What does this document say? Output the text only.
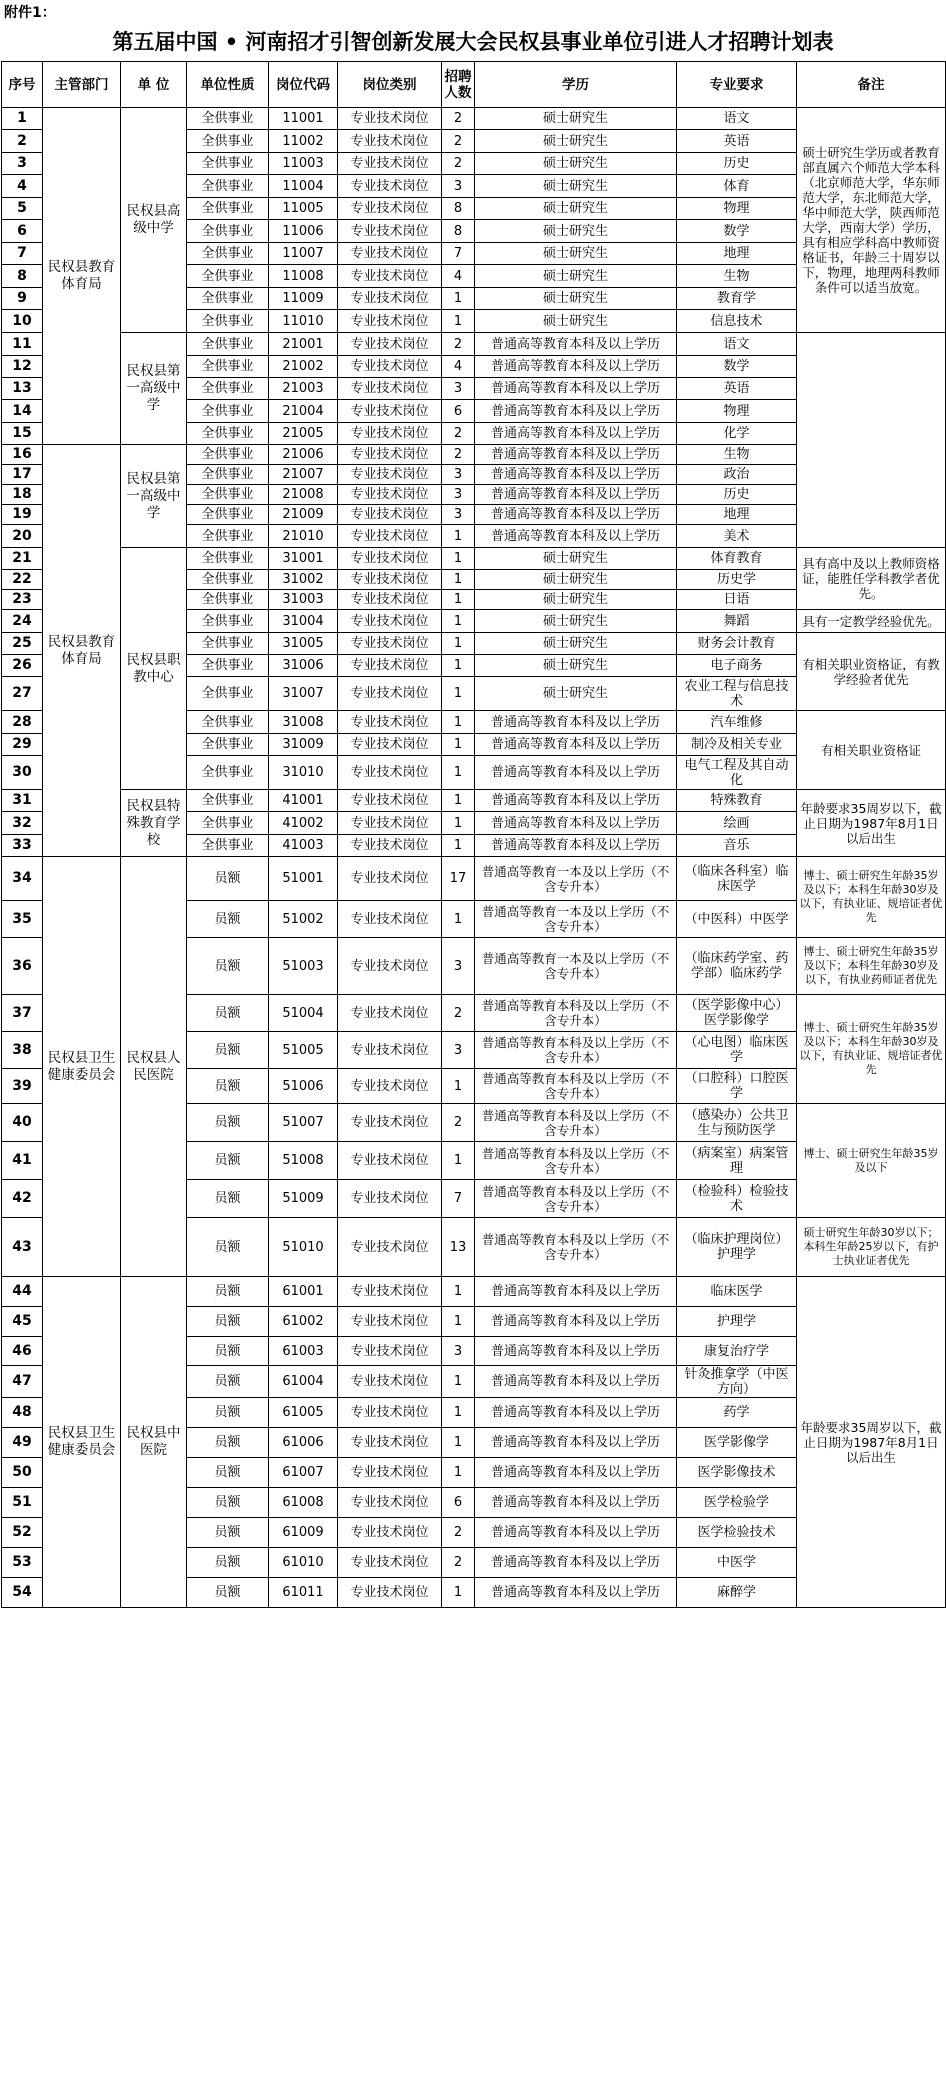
附件1：
第五届中国 • 河南招才引智创新发展大会民权县事业单位引进人才招聘计划表
序号	主管部门	单 位	单位性质	岗位代码	岗位类别	招聘人数	学历	专业要求	备注
1	民权县教育体育局	民权县高级中学	全供事业	11001	专业技术岗位	2	硕士研究生	语文	硕士研究生学历或者教育部直属六个师范大学本科（北京师范大学，华东师范大学，东北师范大学，华中师范大学，陕西师范大学，西南大学）学历，具有相应学科高中教师资格证书，年龄三十周岁以下，物理，地理两科教师条件可以适当放宽。
2			全供事业	11002	专业技术岗位	2	硕士研究生	英语	
3			全供事业	11003	专业技术岗位	2	硕士研究生	历史	
4			全供事业	11004	专业技术岗位	3	硕士研究生	体育	
5			全供事业	11005	专业技术岗位	8	硕士研究生	物理	
6			全供事业	11006	专业技术岗位	8	硕士研究生	数学	
7			全供事业	11007	专业技术岗位	7	硕士研究生	地理	
8			全供事业	11008	专业技术岗位	4	硕士研究生	生物	
9			全供事业	11009	专业技术岗位	1	硕士研究生	教育学	
10			全供事业	11010	专业技术岗位	1	硕士研究生	信息技术	
11		民权县第一高级中学	全供事业	21001	专业技术岗位	2	普通高等教育本科及以上学历	语文	
12			全供事业	21002	专业技术岗位	4	普通高等教育本科及以上学历	数学	
13			全供事业	21003	专业技术岗位	3	普通高等教育本科及以上学历	英语	
14			全供事业	21004	专业技术岗位	6	普通高等教育本科及以上学历	物理	
15			全供事业	21005	专业技术岗位	2	普通高等教育本科及以上学历	化学	
16	民权县教育体育局	民权县第一高级中学	全供事业	21006	专业技术岗位	2	普通高等教育本科及以上学历	生物	
17			全供事业	21007	专业技术岗位	3	普通高等教育本科及以上学历	政治	
18			全供事业	21008	专业技术岗位	3	普通高等教育本科及以上学历	历史	
19			全供事业	21009	专业技术岗位	3	普通高等教育本科及以上学历	地理	
20			全供事业	21010	专业技术岗位	1	普通高等教育本科及以上学历	美术	
21		民权县职教中心	全供事业	31001	专业技术岗位	1	硕士研究生	体育教育	具有高中及以上教师资格证，能胜任学科教学者优先。
22			全供事业	31002	专业技术岗位	1	硕士研究生	历史学	
23			全供事业	31003	专业技术岗位	1	硕士研究生	日语	
24			全供事业	31004	专业技术岗位	1	硕士研究生	舞蹈	具有一定教学经验优先。
25			全供事业	31005	专业技术岗位	1	硕士研究生	财务会计教育	有相关职业资格证，有教学经验者优先
26			全供事业	31006	专业技术岗位	1	硕士研究生	电子商务	
27			全供事业	31007	专业技术岗位	1	硕士研究生	农业工程与信息技术	
28			全供事业	31008	专业技术岗位	1	普通高等教育本科及以上学历	汽车维修	有相关职业资格证
29			全供事业	31009	专业技术岗位	1	普通高等教育本科及以上学历	制冷及相关专业	
30			全供事业	31010	专业技术岗位	1	普通高等教育本科及以上学历	电气工程及其自动化	
31		民权县特殊教育学校	全供事业	41001	专业技术岗位	1	普通高等教育本科及以上学历	特殊教育	年龄要求35周岁以下，截止日期为1987年8月1日以后出生
32			全供事业	41002	专业技术岗位	1	普通高等教育本科及以上学历	绘画	
33			全供事业	41003	专业技术岗位	1	普通高等教育本科及以上学历	音乐	
34	民权县卫生健康委员会	民权县人民医院	员额	51001	专业技术岗位	17	普通高等教育一本及以上学历（不含专升本）	（临床各科室）临床医学	博士、硕士研究生年龄35岁及以下；本科生年龄30岁及以下，有执业证、规培证者优先
35			员额	51002	专业技术岗位	1	普通高等教育一本及以上学历（不含专升本）	（中医科）中医学	
36			员额	51003	专业技术岗位	3	普通高等教育一本及以上学历（不含专升本）	（临床药学室、药学部）临床药学	博士、硕士研究生年龄35岁及以下；本科生年龄30岁及以下，有执业药师证者优先
37			员额	51004	专业技术岗位	2	普通高等教育本科及以上学历（不含专升本）	（医学影像中心）医学影像学	博士、硕士研究生年龄35岁及以下；本科生年龄30岁及以下，有执业证、规培证者优先
38			员额	51005	专业技术岗位	3	普通高等教育本科及以上学历（不含专升本）	（心电图）临床医学	
39			员额	51006	专业技术岗位	1	普通高等教育本科及以上学历（不含专升本）	（口腔科）口腔医学	
40			员额	51007	专业技术岗位	2	普通高等教育本科及以上学历（不含专升本）	（感染办）公共卫生与预防医学	博士、硕士研究生年龄35岁及以下
41			员额	51008	专业技术岗位	1	普通高等教育本科及以上学历（不含专升本）	（病案室）病案管理	
42			员额	51009	专业技术岗位	7	普通高等教育本科及以上学历（不含专升本）	（检验科）检验技术	
43			员额	51010	专业技术岗位	13	普通高等教育本科及以上学历（不含专升本）	（临床护理岗位）护理学	硕士研究生年龄30岁以下；本科生年龄25岁以下，有护士执业证者优先
44	民权县卫生健康委员会	民权县中医院	员额	61001	专业技术岗位	1	普通高等教育本科及以上学历	临床医学	年龄要求35周岁以下，截止日期为1987年8月1日以后出生
45			员额	61002	专业技术岗位	1	普通高等教育本科及以上学历	护理学	
46			员额	61003	专业技术岗位	3	普通高等教育本科及以上学历	康复治疗学	
47			员额	61004	专业技术岗位	1	普通高等教育本科及以上学历	针灸推拿学（中医方向）	
48			员额	61005	专业技术岗位	1	普通高等教育本科及以上学历	药学	
49			员额	61006	专业技术岗位	1	普通高等教育本科及以上学历	医学影像学	
50			员额	61007	专业技术岗位	1	普通高等教育本科及以上学历	医学影像技术	
51			员额	61008	专业技术岗位	6	普通高等教育本科及以上学历	医学检验学	
52			员额	61009	专业技术岗位	2	普通高等教育本科及以上学历	医学检验技术	
53			员额	61010	专业技术岗位	2	普通高等教育本科及以上学历	中医学	
54			员额	61011	专业技术岗位	1	普通高等教育本科及以上学历	麻醉学	
